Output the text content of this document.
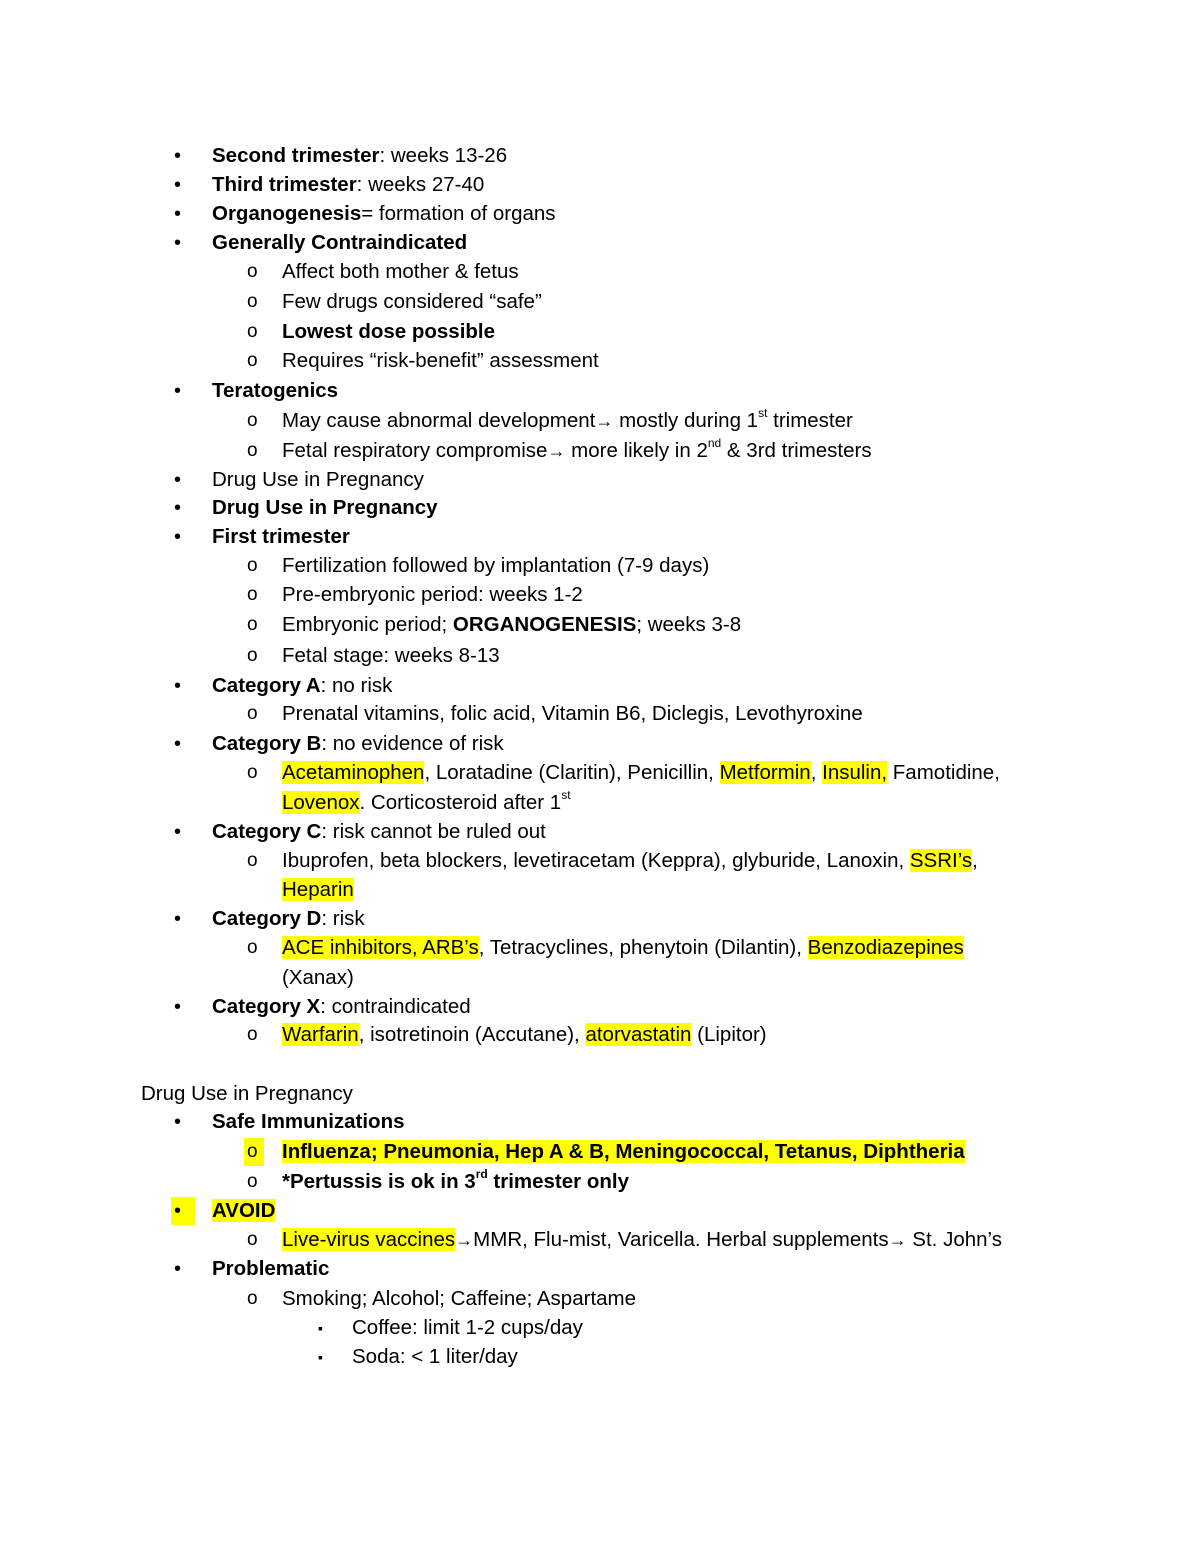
• Second trimester: weeks 13-26
• Third trimester: weeks 27-40
• Organogenesis= formation of organs
• Generally Contraindicated
o Affect both mother & fetus
o Few drugs considered “safe”
o Lowest dose possible
o Requires “risk-benefit” assessment
• Teratogenics
o May cause abnormal development→ mostly during 1st trimester
o Fetal respiratory compromise→ more likely in 2nd & 3rd trimesters
• Drug Use in Pregnancy
• Drug Use in Pregnancy
• First trimester
o Fertilization followed by implantation (7-9 days)
o Pre-embryonic period: weeks 1-2
o Embryonic period; ORGANOGENESIS; weeks 3-8
o Fetal stage: weeks 8-13
• Category A: no risk
o Prenatal vitamins, folic acid, Vitamin B6, Diclegis, Levothyroxine
• Category B: no evidence of risk
o Acetaminophen, Loratadine (Claritin), Penicillin, Metformin, Insulin, Famotidine,
Lovenox. Corticosteroid after 1st
• Category C: risk cannot be ruled out
o Ibuprofen, beta blockers, levetiracetam (Keppra), glyburide, Lanoxin, SSRI’s,
Heparin
• Category D: risk
o ACE inhibitors, ARB’s, Tetracyclines, phenytoin (Dilantin), Benzodiazepines
(Xanax)
• Category X: contraindicated
o Warfarin, isotretinoin (Accutane), atorvastatin (Lipitor)
Drug Use in Pregnancy
• Safe Immunizations
o Influenza; Pneumonia, Hep A & B, Meningococcal, Tetanus, Diphtheria
o *Pertussis is ok in 3rd trimester only
•	AVOID
o Live-virus vaccines→MMR, Flu-mist, Varicella. Herbal supplements→ St. John’s
• Problematic
o Smoking; Alcohol; Caffeine; Aspartame
▪ Coffee: limit 1-2 cups/day
▪ Soda: < 1 liter/day
